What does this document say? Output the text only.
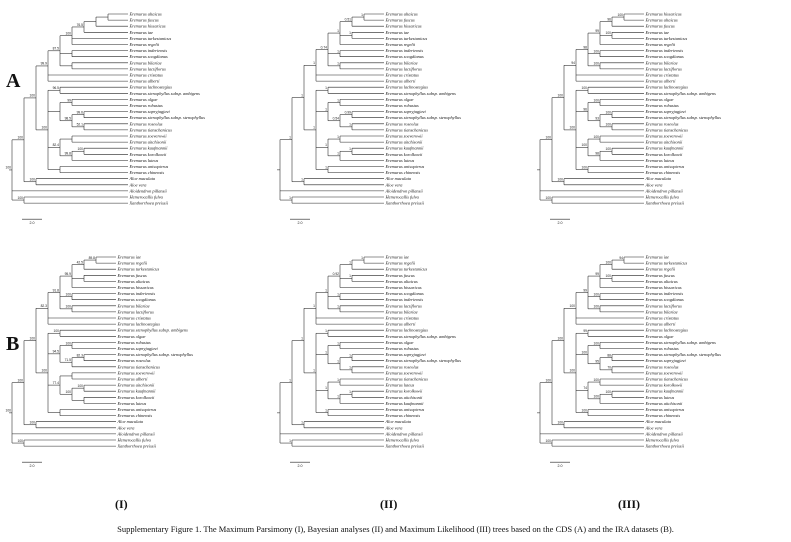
Eremurus altaicus
Eremurus fuscus
Eremurus hissaricus
Eremurus iae
76.5
Eremurus turkestanicus
Eremurus regelii
100
Eremurus inderiensis
Eremurus soogdianus
Eremurus bilariae
Eremurus lactiflorus
87.5
Eremurus cristatus
Eremurus alberti
99.9
Eremurus lachnostegius
Eremurus stenophyllus subsp. ambigens
96.5
Eremurus olgae
Eremurus robustus
99
Eremurus sapryjagjavi
Eremurus stenophyllus subsp. stenophyllus
99.6
Eremurus roseolus
Eremurus tianschanicus
52.1
98.5
Eremurus zoeverowii
Eremurus aitchisonii
Eremurus kaufmannii
Eremurus korolkowii
100
Eremurus luteus
99.8
82.4
Eremurus anisopterus
Eremurus chinensis
100
100
Aloe maculata
Aloe vera
100
100
Aloidendron pillansii
Hemerocallis fulva
Xanthorrhoea preissii
100
100
2.0
Eremurus altaicus
Eremurus fuscus
1
Eremurus hissaricus
0.51
Eremurus iae
Eremurus turkestanicus
1
Eremurus regelii
1
Eremurus inderiensis
Eremurus soogdianus
1
Eremurus bilariae
Eremurus lactiflorus
1
0.74
Eremurus cristatus
Eremurus alberti
1
Eremurus lachnostegius
Eremurus stenophyllus subsp. ambigens
1
Eremurus olgae
Eremurus robustus
1
Eremurus sapryjagjavi
Eremurus stenophyllus subsp. stenophyllus
0.99
Eremurus roseolus
Eremurus tianschanicus
1
0.54
1
Eremurus zoeverowii
Eremurus aitchisonii
1
Eremurus kaufmannii
Eremurus korolkowii
1
Eremurus luteus
1
1
Eremurus anisopterus
Eremurus chinensis
1
1
1
Aloe maculata
Aloe vera
1
1
Aloidendron pillansii
Hemerocallis fulva
Xanthorrhoea preissii
1
2.0
Eremurus hissaricus
Eremurus altaicus
100
Eremurus fuscus
96
Eremurus iae
Eremurus turkestanicus
100
Eremurus regelii
99
Eremurus inderiensis
Eremurus soogdianus
100
Eremurus bilariae
Eremurus lactiflorus
100
98
Eremurus cristatus
Eremurus alberti
94
Eremurus lachnostegius
Eremurus stenophyllus subsp. ambigens
100
Eremurus olgae
Eremurus robustus
100
Eremurus sapryjagjavi
Eremurus stenophyllus subsp. stenophyllus
100
Eremurus roseolus
Eremurus tianschanicus
100
93
96
Eremurus zoeverowii
Eremurus aitchisonii
100
Eremurus kaufmannii
Eremurus korolkowii
100
Eremurus luteus
98
100
Eremurus anisopterus
Eremurus chinensis
100
100
100
Aloe maculata
Aloe vera
100
100
Aloidendron pillansii
Hemerocallis fulva
Xanthorrhoea preissii
100
2.0
Eremurus iae
Eremurus regelii
89.8
Eremurus turkestanicus
42.5
Eremurus fuscus
Eremurus altaicus
Eremurus hissaricus
95.9
Eremurus inderiensis
Eremurus soogdianus
100
Eremurus bilariae
Eremurus lactiflorus
100
91.8
Eremurus cristatus
Eremurus lachnostegius
82.3
Eremurus stenophyllus subsp. ambigens
Eremurus olgae
100
Eremurus robustus
Eremurus sapryjagjavi
100
Eremurus stenophyllus subsp. stenophyllus
Eremurus roseolus
82.3
Eremurus tianschanicus
71.5
94.5
Eremurus zoeverowii
Eremurus alberti
Eremurus aitchisonii
Eremurus kaufmannii
100
Eremurus korolkowii
Eremurus luteus
100
77.4
Eremurus anisopterus
Eremurus chinensis
100
100
Aloe maculata
Aloe vera
100
100
Aloidendron pillansii
Hemerocallis fulva
Xanthorrhoea preissii
100
100
2.0
Eremurus iae
Eremurus regelii
1
Eremurus turkestanicus
1
Eremurus fuscus
Eremurus altaicus
1
Eremurus hissaricus
0.92
Eremurus soogdianus
Eremurus inderiensis
1
Eremurus lactiflorus
Eremurus bilariae
1
1
Eremurus cristatus
Eremurus alberti
1
Eremurus lachnostegius
Eremurus stenophyllus subsp. ambigens
1
Eremurus olgae
Eremurus robustus
1
Eremurus sapryjagjavi
Eremurus stenophyllus subsp. stenophyllus
1
Eremurus roseolus
Eremurus zoeverowii
1
1
1
Eremurus tianschanicus
Eremurus luteus
1
Eremurus korolkowii
Eremurus aitchisonii
1
Eremurus kaufmannii
1
1
Eremurus anisopterus
Eremurus chinensis
1
1
1
Aloe maculata
Aloe vera
1
1
Aloidendron pillansii
Hemerocallis fulva
Xanthorrhoea preissii
1
2.0
Eremurus iae
Eremurus turkestanicus
94
Eremurus regelii
100
Eremurus fuscus
Eremurus altaicus
100
Eremurus hissaricus
99
Eremurus inderiensis
Eremurus soogdianus
100
Eremurus lactiflorus
Eremurus bilariae
100
99
Eremurus cristatus
Eremurus alberti
100
Eremurus lachnostegius
Eremurus olgae
99
Eremurus stenophyllus subsp. ambigens
Eremurus robustus
100
Eremurus stenophyllus subsp. stenophyllus
Eremurus sapryjagjavi
88
Eremurus roseolus
Eremurus zoeverowii
70
95
100
Eremurus tianschanicus
Eremurus korolkowii
100
Eremurus kaufmannii
Eremurus luteus
100
Eremurus aitchisonii
100
74
Eremurus anisopterus
Eremurus chinensis
100
100
100
Aloe maculata
Aloe vera
100
100
Aloidendron pillansii
Hemerocallis fulva
Xanthorrhoea preissii
100
2.0
A
B
(I)	(II)	(III)
Supplementary Figure 1. The Maximum Parsimony (I), Bayesian analyses (II) and Maximum Likelihood (III) trees based on the CDS (A) and the IRA datasets (B).
